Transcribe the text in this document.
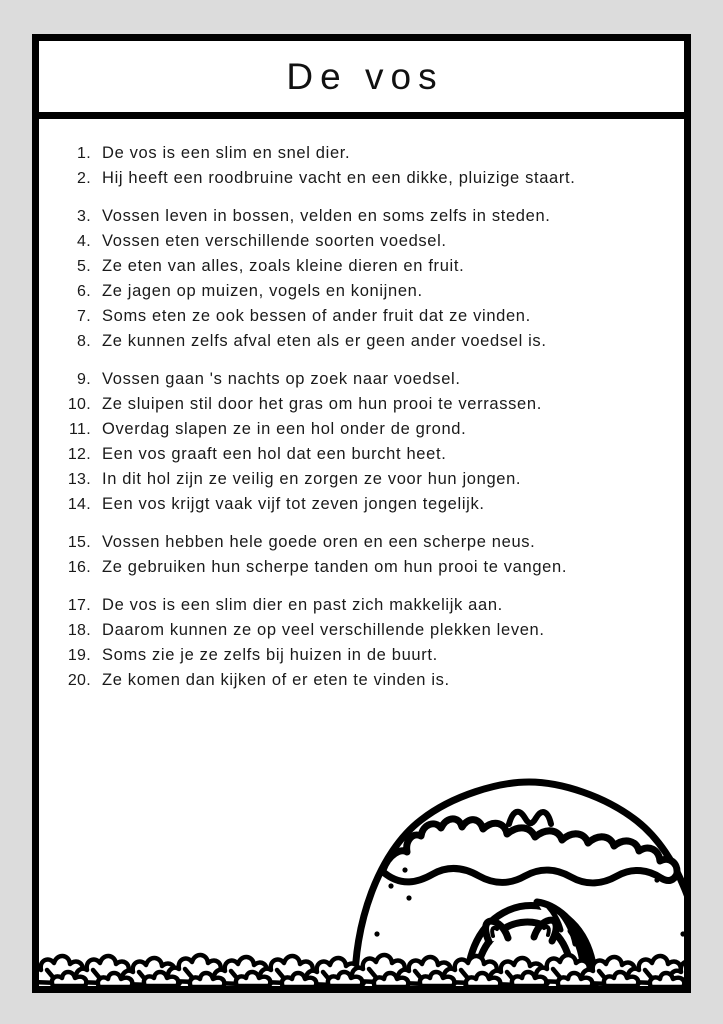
De vos
1. De vos is een slim en snel dier.
2. Hij heeft een roodbruine vacht en een dikke, pluizige staart.
3. Vossen leven in bossen, velden en soms zelfs in steden.
4. Vossen eten verschillende soorten voedsel.
5. Ze eten van alles, zoals kleine dieren en fruit.
6. Ze jagen op muizen, vogels en konijnen.
7. Soms eten ze ook bessen of ander fruit dat ze vinden.
8. Ze kunnen zelfs afval eten als er geen ander voedsel is.
9. Vossen gaan 's nachts op zoek naar voedsel.
10. Ze sluipen stil door het gras om hun prooi te verrassen.
11. Overdag slapen ze in een hol onder de grond.
12. Een vos graaft een hol dat een burcht heet.
13. In dit hol zijn ze veilig en zorgen ze voor hun jongen.
14. Een vos krijgt vaak vijf tot zeven jongen tegelijk.
15. Vossen hebben hele goede oren en een scherpe neus.
16. Ze gebruiken hun scherpe tanden om hun prooi te vangen.
17. De vos is een slim dier en past zich makkelijk aan.
18. Daarom kunnen ze op veel verschillende plekken leven.
19. Soms zie je ze zelfs bij huizen in de buurt.
20. Ze komen dan kijken of er eten te vinden is.
